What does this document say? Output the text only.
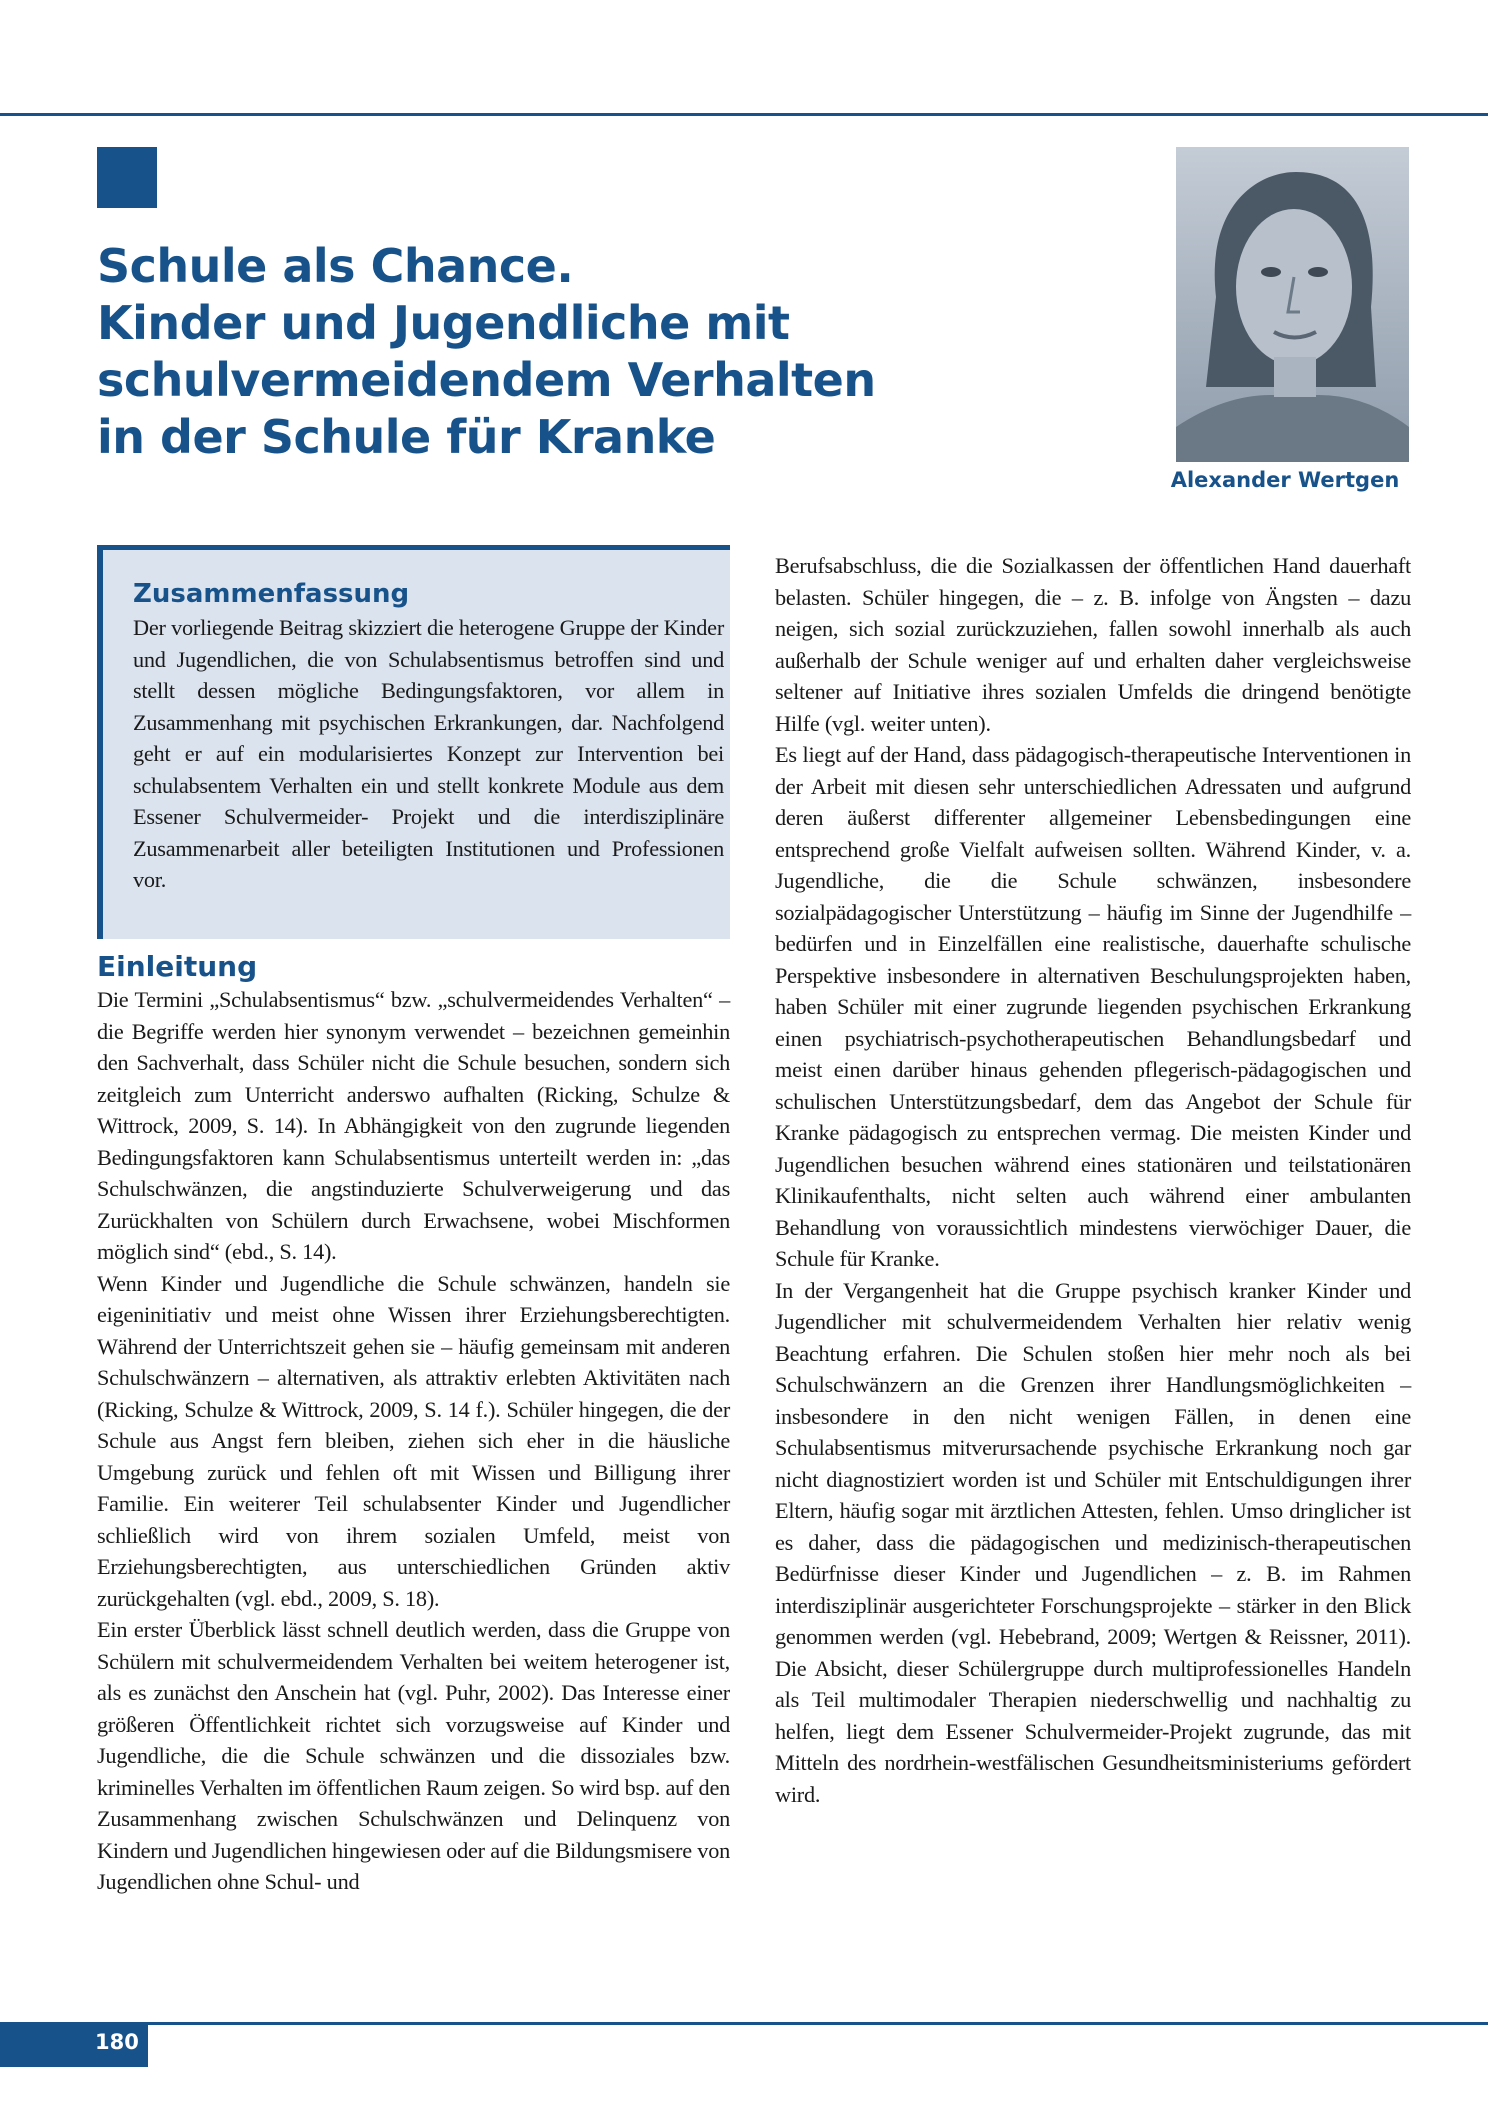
Schule als Chance.
Kinder und Jugendliche mit
schulvermeidendem Verhalten
in der Schule für Kranke
Alexander Wertgen
Zusammenfassung

Der vorliegende Beitrag skizziert die heterogene Gruppe der Kinder und Jugendlichen, die von Schulabsentismus betroffen sind und stellt dessen mögliche Bedingungsfaktoren, vor allem in Zusammenhang mit psychischen Erkrankungen, dar. Nachfolgend geht er auf ein modularisiertes Konzept zur Intervention bei schulabsentem Verhalten ein und stellt konkrete Module aus dem Essener Schulvermeider- Projekt und die interdisziplinäre Zusammenarbeit aller beteiligten Institutionen und Professionen vor.

Einleitung

Die Termini „Schulabsentismus“ bzw. „schulvermeidendes Verhalten“ – die Begriffe werden hier synonym verwendet – bezeichnen gemeinhin den Sachverhalt, dass Schüler nicht die Schule besuchen, sondern sich zeitgleich zum Unterricht anderswo aufhalten (Ricking, Schulze & Wittrock, 2009, S. 14). In Abhängigkeit von den zugrunde liegenden Bedingungsfaktoren kann Schulabsentismus unterteilt werden in: „das Schulschwänzen, die angstinduzierte Schulverweigerung und das Zurückhalten von Schülern durch Erwachsene, wobei Mischformen möglich sind“ (ebd., S. 14).

Wenn Kinder und Jugendliche die Schule schwänzen, handeln sie eigeninitiativ und meist ohne Wissen ihrer Erziehungsberechtigten. Während der Unterrichtszeit gehen sie – häufig gemeinsam mit anderen Schulschwänzern – alternativen, als attraktiv erlebten Aktivitäten nach (Ricking, Schulze & Wittrock, 2009, S. 14 f.). Schüler hingegen, die der Schule aus Angst fern bleiben, ziehen sich eher in die häusliche Umgebung zurück und fehlen oft mit Wissen und Billigung ihrer Familie. Ein weiterer Teil schulabsenter Kinder und Jugendlicher schließlich wird von ihrem sozialen Umfeld, meist von Erziehungsberechtigten, aus unterschiedlichen Gründen aktiv zurückgehalten (vgl. ebd., 2009, S. 18).

Ein erster Überblick lässt schnell deutlich werden, dass die Gruppe von Schülern mit schulvermeidendem Verhalten bei weitem heterogener ist, als es zunächst den Anschein hat (vgl. Puhr, 2002). Das Interesse einer größeren Öffentlichkeit richtet sich vorzugsweise auf Kinder und Jugendliche, die die Schule schwänzen und die dissoziales bzw. kriminelles Verhalten im öffentlichen Raum zeigen. So wird bsp. auf den Zusammenhang zwischen Schulschwänzen und Delinquenz von Kindern und Jugendlichen hingewiesen oder auf die Bildungsmisere von Jugendlichen ohne Schul- und

Berufsabschluss, die die Sozialkassen der öffentlichen Hand dauerhaft belasten. Schüler hingegen, die – z. B. infolge von Ängsten – dazu neigen, sich sozial zurückzuziehen, fallen sowohl innerhalb als auch außerhalb der Schule weniger auf und erhalten daher vergleichsweise seltener auf Initiative ihres sozialen Umfelds die dringend benötigte Hilfe (vgl. weiter unten).

Es liegt auf der Hand, dass pädagogisch-therapeutische Interventionen in der Arbeit mit diesen sehr unterschiedlichen Adressaten und aufgrund deren äußerst differenter allgemeiner Lebensbedingungen eine entsprechend große Vielfalt aufweisen sollten. Während Kinder, v. a. Jugendliche, die die Schule schwänzen, insbesondere sozialpädagogischer Unterstützung – häufig im Sinne der Jugendhilfe – bedürfen und in Einzelfällen eine realistische, dauerhafte schulische Perspektive insbesondere in alternativen Beschulungsprojekten haben, haben Schüler mit einer zugrunde liegenden psychischen Erkrankung einen psychiatrisch-psychotherapeutischen Behandlungsbedarf und meist einen darüber hinaus gehenden pflegerisch-pädagogischen und schulischen Unterstützungsbedarf, dem das Angebot der Schule für Kranke pädagogisch zu entsprechen vermag. Die meisten Kinder und Jugendlichen besuchen während eines stationären und teilstationären Klinikaufenthalts, nicht selten auch während einer ambulanten Behandlung von voraussichtlich mindestens vierwöchiger Dauer, die Schule für Kranke.

In der Vergangenheit hat die Gruppe psychisch kranker Kinder und Jugendlicher mit schulvermeidendem Verhalten hier relativ wenig Beachtung erfahren. Die Schulen stoßen hier mehr noch als bei Schulschwänzern an die Grenzen ihrer Handlungsmöglichkeiten – insbesondere in den nicht wenigen Fällen, in denen eine Schulabsentismus mitverursachende psychische Erkrankung noch gar nicht diagnostiziert worden ist und Schüler mit Entschuldigungen ihrer Eltern, häufig sogar mit ärztlichen Attesten, fehlen. Umso dringlicher ist es daher, dass die pädagogischen und medizinisch-therapeutischen Bedürfnisse dieser Kinder und Jugendlichen – z. B. im Rahmen interdisziplinär ausgerichteter Forschungsprojekte – stärker in den Blick genommen werden (vgl. Hebebrand, 2009; Wertgen & Reissner, 2011). Die Absicht, dieser Schülergruppe durch multiprofessionelles Handeln als Teil multimodaler Therapien niederschwellig und nachhaltig zu helfen, liegt dem Essener Schulvermeider-Projekt zugrunde, das mit Mitteln des nordrhein-westfälischen Gesundheitsministeriums gefördert wird.

180
